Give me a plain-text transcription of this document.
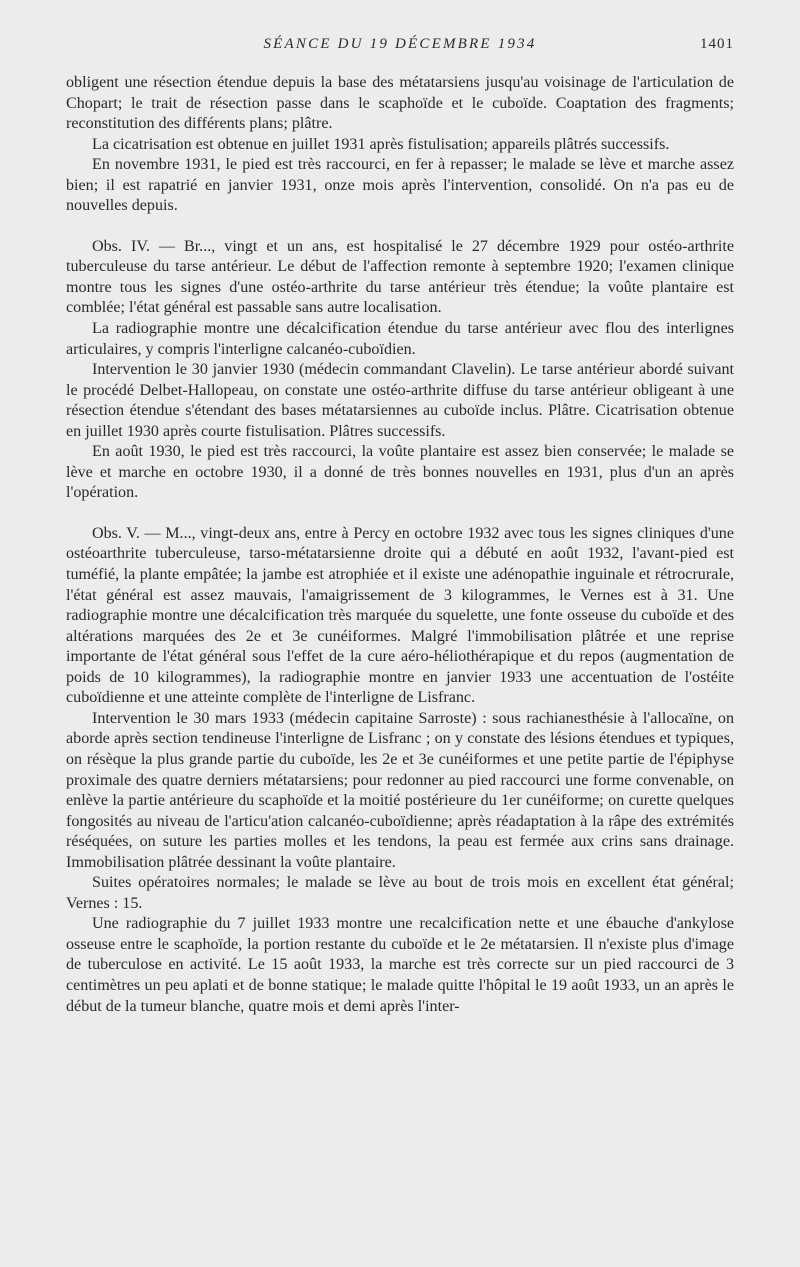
SÉANCE DU 19 DÉCEMBRE 1934	1401

obligent une résection étendue depuis la base des métatarsiens jusqu'au voisinage de l'articulation de Chopart; le trait de résection passe dans le scaphoïde et le cuboïde. Coaptation des fragments; reconstitution des différents plans; plâtre.

La cicatrisation est obtenue en juillet 1931 après fistulisation; appareils plâtrés successifs.

En novembre 1931, le pied est très raccourci, en fer à repasser; le malade se lève et marche assez bien; il est rapatrié en janvier 1931, onze mois après l'intervention, consolidé. On n'a pas eu de nouvelles depuis.

Obs. IV. — Br..., vingt et un ans, est hospitalisé le 27 décembre 1929 pour ostéo-arthrite tuberculeuse du tarse antérieur. Le début de l'affection remonte à septembre 1920; l'examen clinique montre tous les signes d'une ostéo-arthrite du tarse antérieur très étendue; la voûte plantaire est comblée; l'état général est passable sans autre localisation.

La radiographie montre une décalcification étendue du tarse antérieur avec flou des interlignes articulaires, y compris l'interligne calcanéo-cuboïdien.

Intervention le 30 janvier 1930 (médecin commandant Clavelin). Le tarse antérieur abordé suivant le procédé Delbet-Hallopeau, on constate une ostéo-arthrite diffuse du tarse antérieur obligeant à une résection étendue s'étendant des bases métatarsiennes au cuboïde inclus. Plâtre. Cicatrisation obtenue en juillet 1930 après courte fistulisation. Plâtres successifs.

En août 1930, le pied est très raccourci, la voûte plantaire est assez bien conservée; le malade se lève et marche en octobre 1930, il a donné de très bonnes nouvelles en 1931, plus d'un an après l'opération.

Obs. V. — M..., vingt-deux ans, entre à Percy en octobre 1932 avec tous les signes cliniques d'une ostéoarthrite tuberculeuse, tarso-métatarsienne droite qui a débuté en août 1932, l'avant-pied est tuméfié, la plante empâtée; la jambe est atrophiée et il existe une adénopathie inguinale et rétrocrurale, l'état général est assez mauvais, l'amaigrissement de 3 kilogrammes, le Vernes est à 31. Une radiographie montre une décalcification très marquée du squelette, une fonte osseuse du cuboïde et des altérations marquées des 2e et 3e cunéiformes. Malgré l'immobilisation plâtrée et une reprise importante de l'état général sous l'effet de la cure aéro-héliothérapique et du repos (augmentation de poids de 10 kilogrammes), la radiographie montre en janvier 1933 une accentuation de l'ostéite cuboïdienne et une atteinte complète de l'interligne de Lisfranc.

Intervention le 30 mars 1933 (médecin capitaine Sarroste) : sous rachianesthésie à l'allocaïne, on aborde après section tendineuse l'interligne de Lisfranc ; on y constate des lésions étendues et typiques, on résèque la plus grande partie du cuboïde, les 2e et 3e cunéiformes et une petite partie de l'épiphyse proximale des quatre derniers métatarsiens; pour redonner au pied raccourci une forme convenable, on enlève la partie antérieure du scaphoïde et la moitié postérieure du 1er cunéiforme; on curette quelques fongosités au niveau de l'articu'ation calcanéo-cuboïdienne; après réadaptation à la râpe des extrémités réséquées, on suture les parties molles et les tendons, la peau est fermée aux crins sans drainage. Immobilisation plâtrée dessinant la voûte plantaire.

Suites opératoires normales; le malade se lève au bout de trois mois en excellent état général; Vernes : 15.

Une radiographie du 7 juillet 1933 montre une recalcification nette et une ébauche d'ankylose osseuse entre le scaphoïde, la portion restante du cuboïde et le 2e métatarsien. Il n'existe plus d'image de tuberculose en activité. Le 15 août 1933, la marche est très correcte sur un pied raccourci de 3 centimètres un peu aplati et de bonne statique; le malade quitte l'hôpital le 19 août 1933, un an après le début de la tumeur blanche, quatre mois et demi après l'inter-
